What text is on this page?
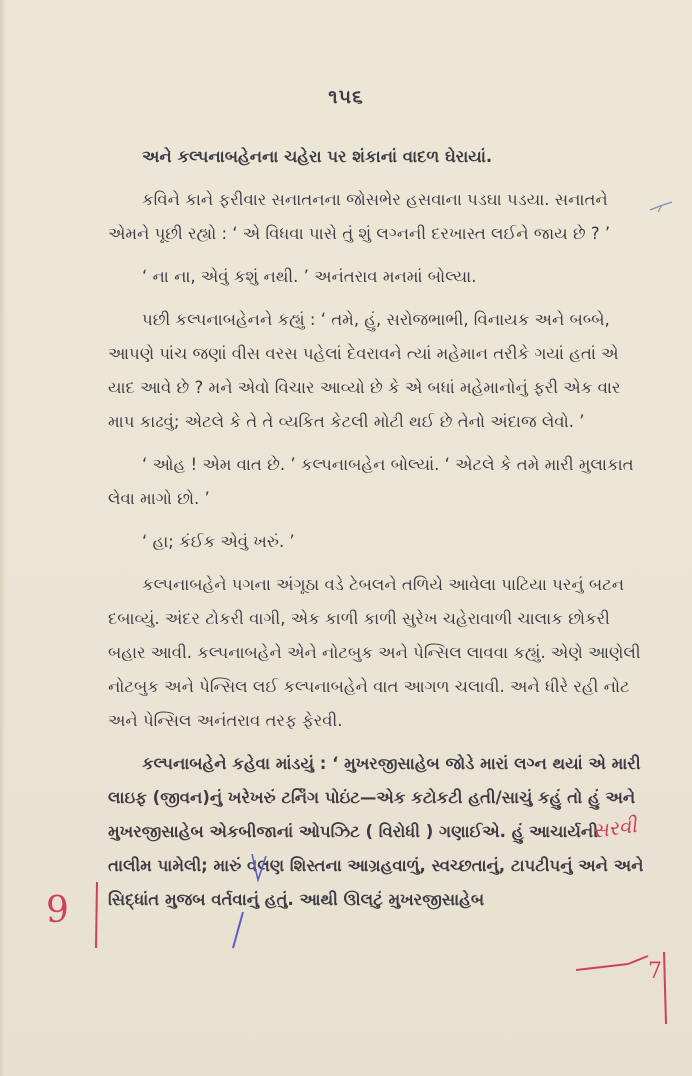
૧૫૬

અને કલ્પનાબહેનના ચહેરા પર શંકાનાં વાદળ ઘેરાયાં.

કવિને કાને ફરીવાર સનાતનના જોસભેર હસવાના પડઘા પડયા. સનાતને એમને પૂછી રહ્યો : ‘ એ વિધવા પાસે તું શું લગ્નની દરખાસ્ત લઈને જાય છે ? ’

‘ ના ના, એવું કશું નથી. ’ અનંતરાવ મનમાં બોલ્યા.

પછી કલ્પનાબહેનને કહ્યું : ‘ તમે, હું, સરોજભાભી, વિનાયક અને બબ્બે, આપણે પાંચ જણાં વીસ વરસ પહેલાં દેવરાવને ત્યાં મહેમાન તરીકે ગયાં હતાં એ યાદ આવે છે ? મને એવો વિચાર આવ્યો છે કે એ બધાં મહેમાનોનું ફરી એક વાર માપ કાઢવું; એટલે કે તે તે વ્યકિત કેટલી મોટી થઈ છે તેનો અંદાજ લેવો. ’

‘ ઓહ ! એમ વાત છે. ’ કલ્પનાબહેન બોલ્યાં. ‘ એટલે કે તમે મારી મુલાકાત લેવા માગો છો. ’

‘ હા; કંઈક એવું ખરું. ’

કલ્પનાબહેને પગના અંગૂઠા વડે ટેબલને તળિયે આવેલા પાટિયા પરનું બટન દબાવ્યું. અંદર ટોકરી વાગી, એક કાળી કાળી સુરેખ ચહેરાવાળી ચાલાક છોકરી બહાર આવી. કલ્પનાબહેને એને નોટબુક અને પેન્સિલ લાવવા કહ્યું. એણે આણેલી નોટબુક અને પેન્સિલ લઈ કલ્પનાબહેને વાત આગળ ચલાવી. અને ધીરે રહી નોટ અને પેન્સિલ અનંતરાવ તરફ ફેરવી.

કલ્પનાબહેને કહેવા માંડયું : ‘ મુખરજીસાહેબ જોડે મારાં લગ્ન થયાં એ મારી લાઇફ (જીવન)નું ખરેખરું ટર્નિંગ પોઇંટ—એક કટોકટી હતી/સાચું કહું તો હું અને મુખરજીસાહેબ એકબીજાનાં ઓપઝિટ ( વિરોધી ) ગણાઈએ. હું આચાર્યની તાલીમ પામેલી; મારું વલણ શિસ્તના આગ્રહવાળું, સ્વચ્છતાનું, ટાપટીપનું અને અને સિદ્ધાંત મુજબ વર્તવાનું હતું. આથી ઊલટું મુખરજીસાહેબ

સરવી
9
7
